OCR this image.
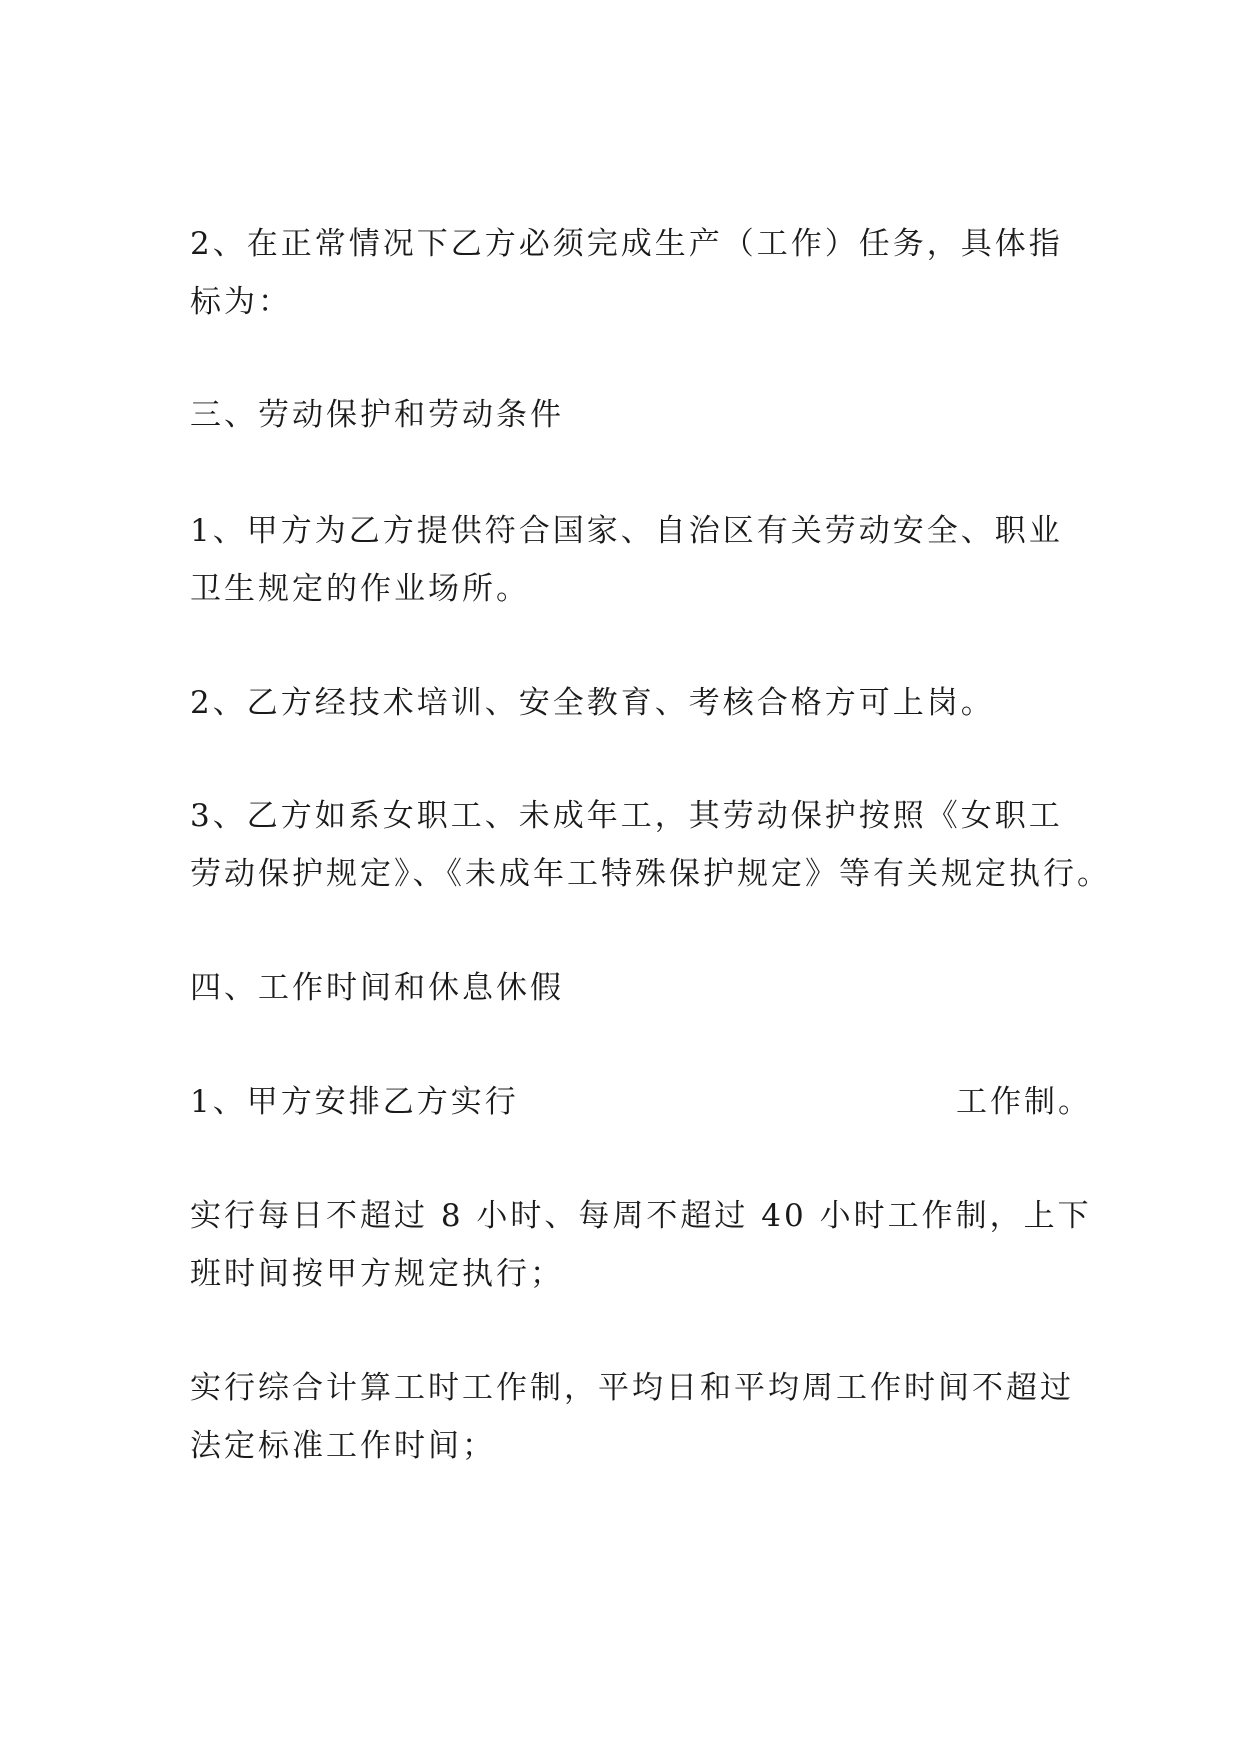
2、在正常情况下乙方必须完成生产（工作）任务，具体指

标为：

三、劳动保护和劳动条件

1、甲方为乙方提供符合国家、自治区有关劳动安全、职业

卫生规定的作业场所。

2、乙方经技术培训、安全教育、考核合格方可上岗。

3、乙方如系女职工、未成年工，其劳动保护按照《女职工

劳动保护规定》、《未成年工特殊保护规定》等有关规定执行。

四、工作时间和休息休假

1、甲方安排乙方实行	工作制。

实行每日不超过 8 小时、每周不超过 40 小时工作制，上下

班时间按甲方规定执行；

实行综合计算工时工作制，平均日和平均周工作时间不超过

法定标准工作时间；
